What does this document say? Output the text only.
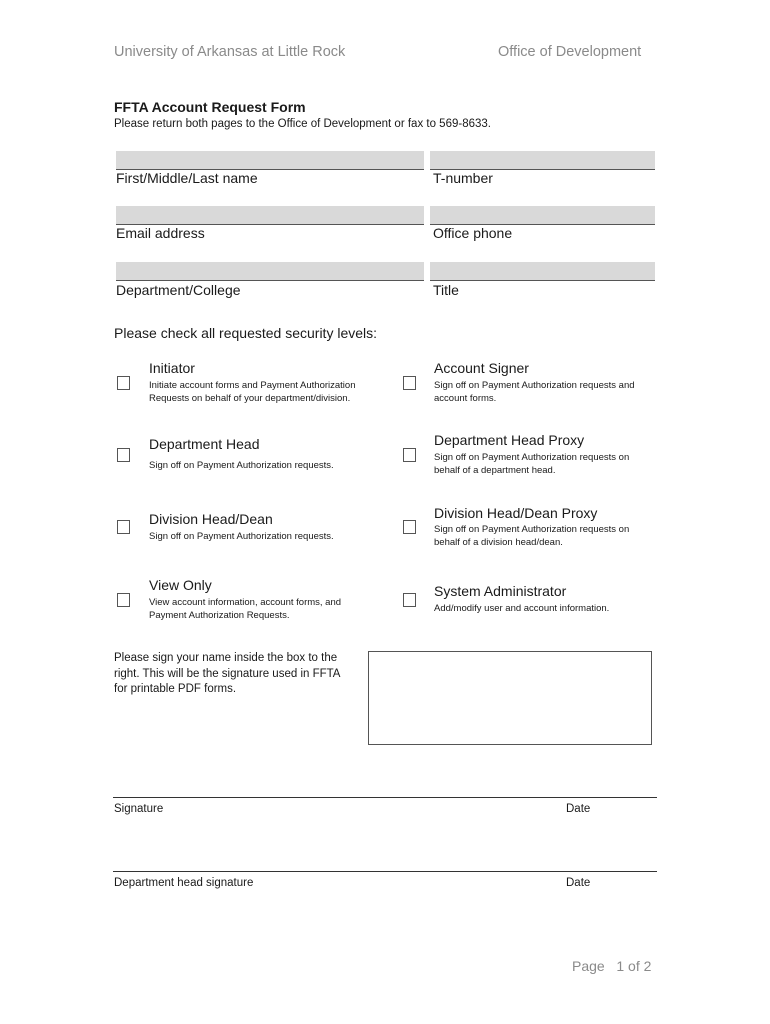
University of Arkansas at Little Rock	Office of Development
FFTA Account Request Form
Please return both pages to the Office of Development or fax to 569-8633.
First/Middle/Last name	T-number
Email address	Office phone
Department/College	Title
Please check all requested security levels:
Initiator
Initiate account forms and Payment Authorization
Requests on behalf of your department/division.
Account Signer
Sign off on Payment Authorization requests and
account forms.
Department Head
Sign off on Payment Authorization requests.
Department Head Proxy
Sign off on Payment Authorization requests on
behalf of a department head.
Division Head/Dean
Sign off on Payment Authorization requests.
Division Head/Dean Proxy
Sign off on Payment Authorization requests on
behalf of a division head/dean.
View Only
View account information, account forms, and
Payment Authorization Requests.
System Administrator
Add/modify user and account information.
Please sign your name inside the box to the
right. This will be the signature used in FFTA
for printable PDF forms.
Signature	Date
Department head signature	Date
Page   1 of 2
